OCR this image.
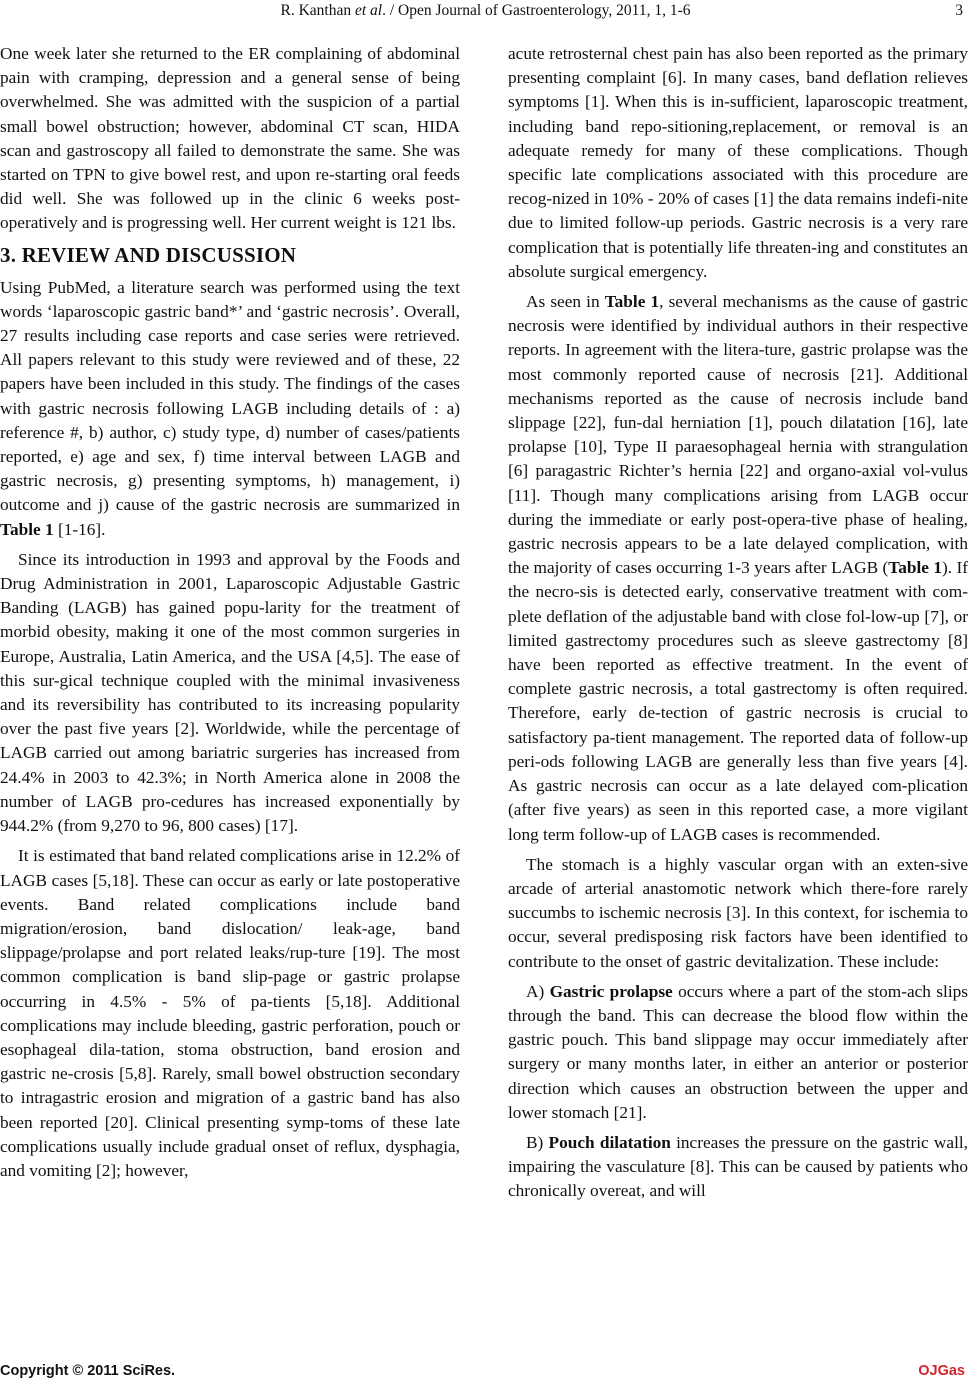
R. Kanthan et al. / Open Journal of Gastroenterology, 2011, 1, 1-6	3

One week later she returned to the ER complaining of abdominal pain with cramping, depression and a general sense of being overwhelmed. She was admitted with the suspicion of a partial small bowel obstruction; however, abdominal CT scan, HIDA scan and gastroscopy all failed to demonstrate the same. She was started on TPN to give bowel rest, and upon re-starting oral feeds did well. She was followed up in the clinic 6 weeks post-operatively and is progressing well. Her current weight is 121 lbs.

3. REVIEW AND DISCUSSION

Using PubMed, a literature search was performed using the text words ‘laparoscopic gastric band*’ and ‘gastric necrosis’. Overall, 27 results including case reports and case series were retrieved. All papers relevant to this study were reviewed and of these, 22 papers have been included in this study. The findings of the cases with gastric necrosis following LAGB including details of : a) reference #, b) author, c) study type, d) number of cases/patients reported, e) age and sex, f) time interval between LAGB and gastric necrosis, g) presenting symptoms, h) management, i) outcome and j) cause of the gastric necrosis are summarized in Table 1 [1-16].

Since its introduction in 1993 and approval by the Foods and Drug Administration in 2001, Laparoscopic Adjustable Gastric Banding (LAGB) has gained popu-larity for the treatment of morbid obesity, making it one of the most common surgeries in Europe, Australia, Latin America, and the USA [4,5]. The ease of this sur-gical technique coupled with the minimal invasiveness and its reversibility has contributed to its increasing popularity over the past five years [2]. Worldwide, while the percentage of LAGB carried out among bariatric surgeries has increased from 24.4% in 2003 to 42.3%; in North America alone in 2008 the number of LAGB pro-cedures has increased exponentially by 944.2% (from 9,270 to 96, 800 cases) [17].

It is estimated that band related complications arise in 12.2% of LAGB cases [5,18]. These can occur as early or late postoperative events. Band related complications include band migration/erosion, band dislocation/ leak-age, band slippage/prolapse and port related leaks/rup-ture [19]. The most common complication is band slip-page or gastric prolapse occurring in 4.5% - 5% of pa-tients [5,18]. Additional complications may include bleeding, gastric perforation, pouch or esophageal dila-tation, stoma obstruction, band erosion and gastric ne-crosis [5,8]. Rarely, small bowel obstruction secondary to intragastric erosion and migration of a gastric band has also been reported [20]. Clinical presenting symp-toms of these late complications usually include gradual onset of reflux, dysphagia, and vomiting [2]; however,

acute retrosternal chest pain has also been reported as the primary presenting complaint [6]. In many cases, band deflation relieves symptoms [1]. When this is in-sufficient, laparoscopic treatment, including band repo-sitioning,replacement, or removal is an adequate remedy for many of these complications. Though specific late complications associated with this procedure are recog-nized in 10% - 20% of cases [1] the data remains indefi-nite due to limited follow-up periods. Gastric necrosis is a very rare complication that is potentially life threaten-ing and constitutes an absolute surgical emergency.

As seen in Table 1, several mechanisms as the cause of gastric necrosis were identified by individual authors in their respective reports. In agreement with the litera-ture, gastric prolapse was the most commonly reported cause of necrosis [21]. Additional mechanisms reported as the cause of necrosis include band slippage [22], fun-dal herniation [1], pouch dilatation [16], late prolapse [10], Type II paraesophageal hernia with strangulation [6] paragastric Richter’s hernia [22] and organo-axial vol-vulus [11]. Though many complications arising from LAGB occur during the immediate or early post-opera-tive phase of healing, gastric necrosis appears to be a late delayed complication, with the majority of cases occurring 1-3 years after LAGB (Table 1). If the necro-sis is detected early, conservative treatment with com-plete deflation of the adjustable band with close fol-low-up [7], or limited gastrectomy procedures such as sleeve gastrectomy [8] have been reported as effective treatment. In the event of complete gastric necrosis, a total gastrectomy is often required. Therefore, early de-tection of gastric necrosis is crucial to satisfactory pa-tient management. The reported data of follow-up peri-ods following LAGB are generally less than five years [4]. As gastric necrosis can occur as a late delayed com-plication (after five years) as seen in this reported case, a more vigilant long term follow-up of LAGB cases is recommended.

The stomach is a highly vascular organ with an exten-sive arcade of arterial anastomotic network which there-fore rarely succumbs to ischemic necrosis [3]. In this context, for ischemia to occur, several predisposing risk factors have been identified to contribute to the onset of gastric devitalization. These include:

A) Gastric prolapse occurs where a part of the stom-ach slips through the band. This can decrease the blood flow within the gastric pouch. This band slippage may occur immediately after surgery or many months later, in either an anterior or posterior direction which causes an obstruction between the upper and lower stomach [21].

B) Pouch dilatation increases the pressure on the gastric wall, impairing the vasculature [8]. This can be caused by patients who chronically overeat, and will

Copyright © 2011 SciRes.	OJGas
